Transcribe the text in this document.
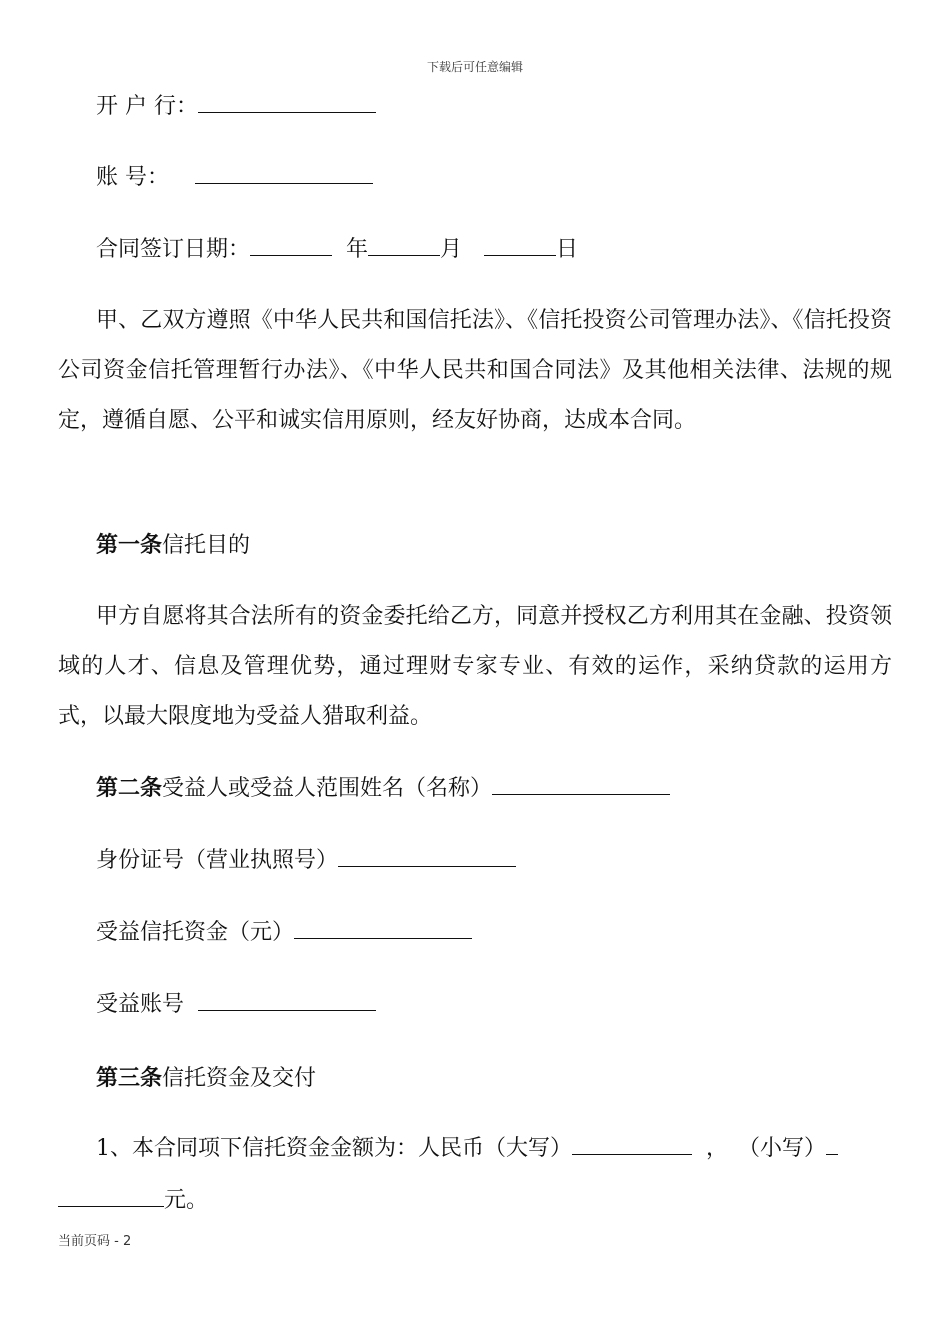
下载后可任意编辑
开 户 行：
账 号：
合同签订日期：	年	月	日
甲、乙双方遵照《中华人民共和国信托法》、《信托投资公司管理办法》、《信托投资公司资金信托管理暂行办法》、《中华人民共和国合同法》及其他相关法律、法规的规定，遵循自愿、公平和诚实信用原则，经友好协商，达成本合同。
第一条信托目的
甲方自愿将其合法所有的资金委托给乙方，同意并授权乙方利用其在金融、投资领域的人才、信息及管理优势，通过理财专家专业、有效的运作，采纳贷款的运用方式，以最大限度地为受益人猎取利益。
第二条受益人或受益人范围姓名（名称）
身份证号（营业执照号）
受益信托资金（元）
受益账号
第三条信托资金及交付
1、本合同项下信托资金金额为：人民币（大写）	， （小写）
元。
当前页码 - 2
